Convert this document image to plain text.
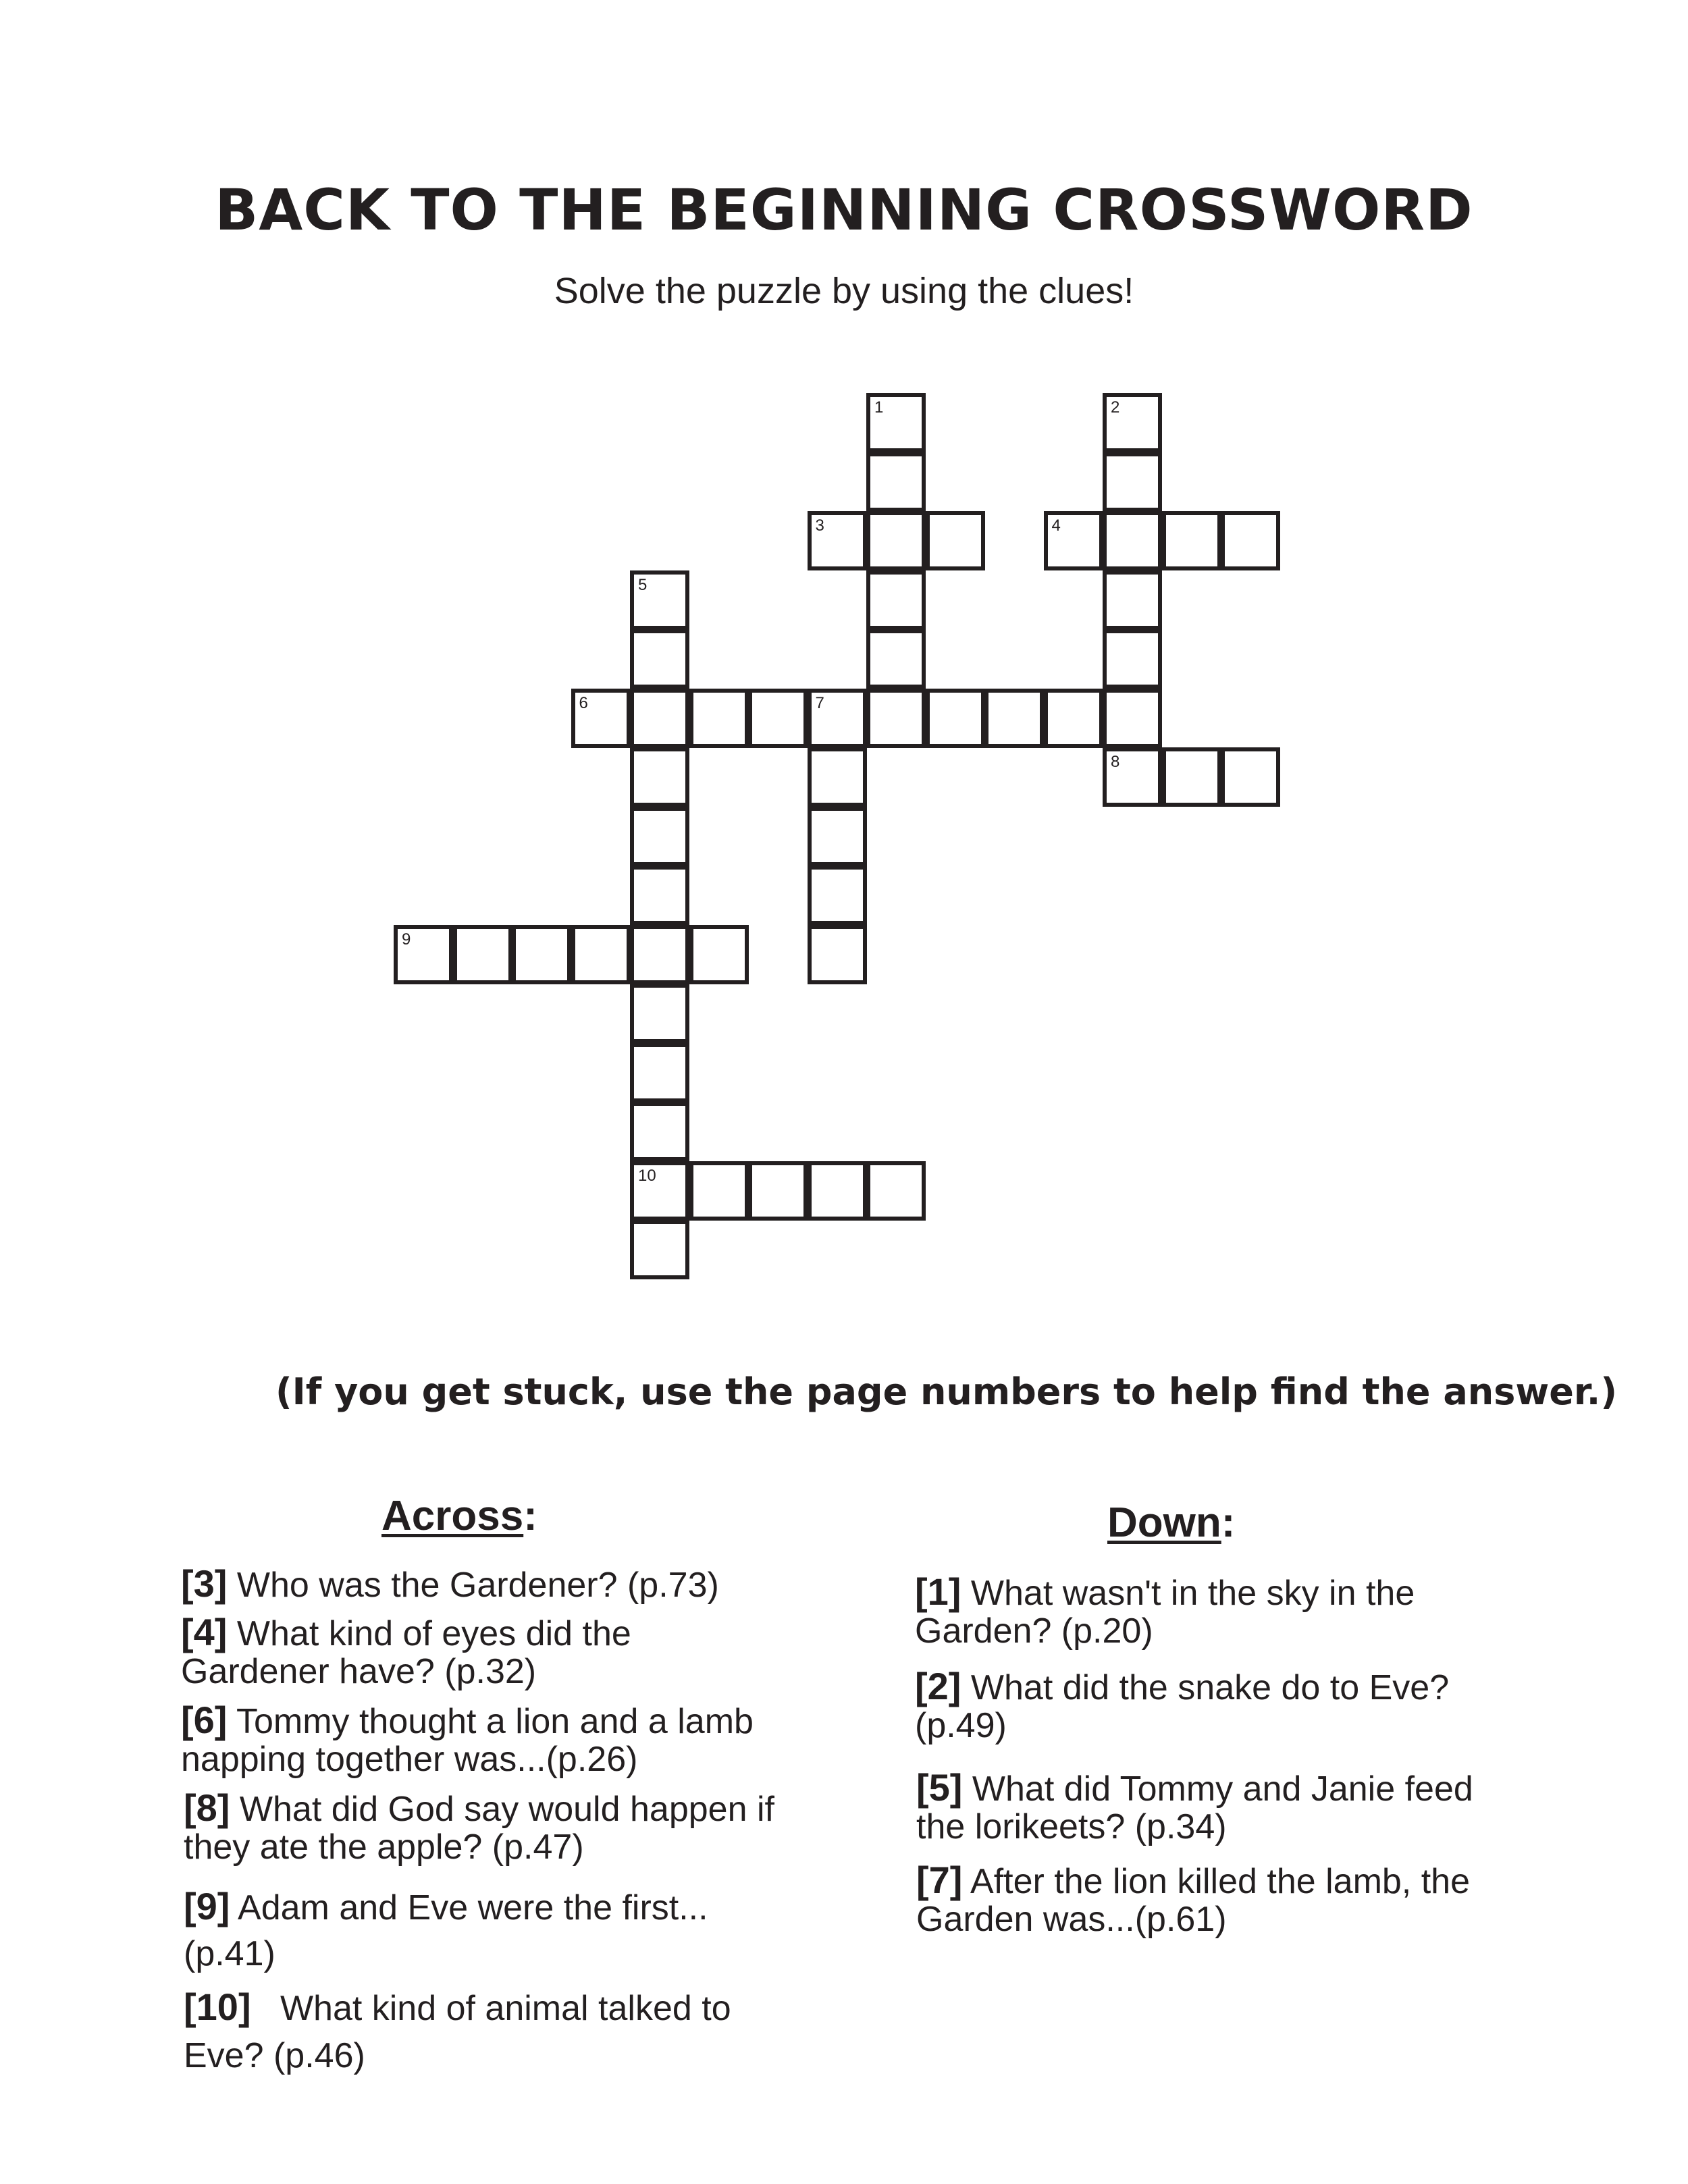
BACK TO THE BEGINNING CROSSWORD

Solve the puzzle by using the clues!

1	2
8
3	4
5
10
6	7
9

(If you get stuck, use the page numbers to help find the answer.)

Across:	Down:
[3] Who was the Gardener? (p.73)
[4] What kind of eyes did the Gardener have? (p.32)
[6] Tommy thought a lion and a lamb napping together was...(p.26)
[8] What did God say would happen if they ate the apple? (p.47)
[9] Adam and Eve were the first... (p.41)
[10] What kind of animal talked to Eve? (p.46)
[1] What wasn't in the sky in the Garden? (p.20)
[2] What did the snake do to Eve? (p.49)
[5] What did Tommy and Janie feed the lorikeets? (p.34)
[7] After the lion killed the lamb, the Garden was...(p.61)
